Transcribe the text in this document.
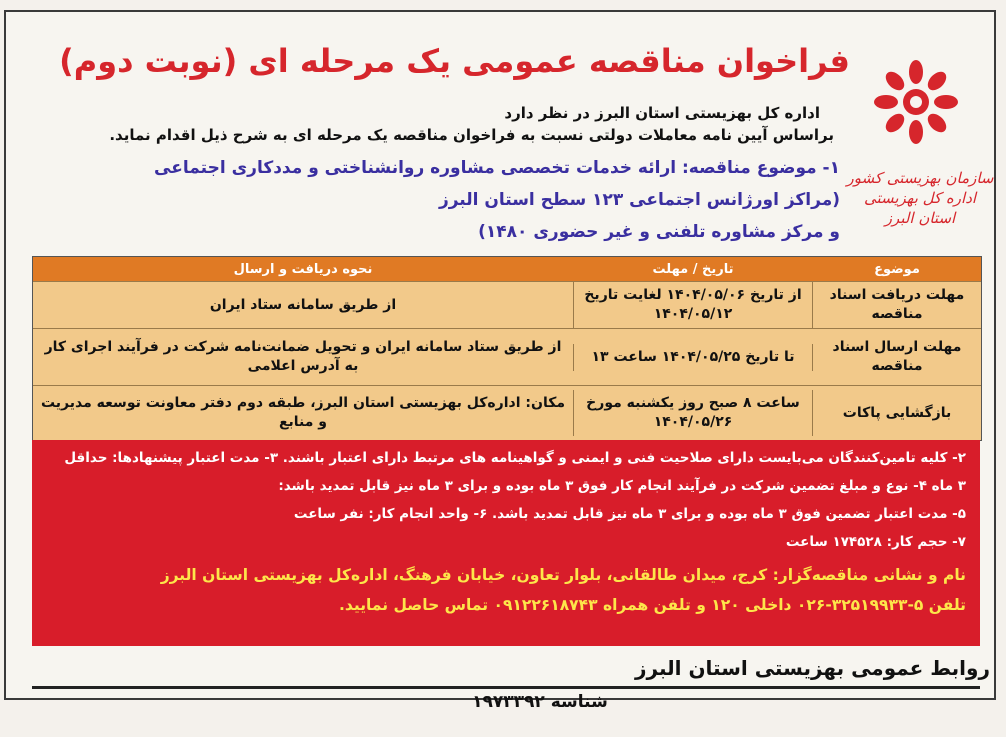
فراخوان مناقصه عمومی یک مرحله ای (نوبت دوم)
سازمان بهزیستی کشور
اداره کل بهزیستی استان البرز
اداره کل بهزیستی استان البرز در نظر دارد
براساس آیین نامه معاملات دولتی نسبت به فراخوان مناقصه یک مرحله ای به شرح ذیل اقدام نماید.
۱- موضوع مناقصه: ارائه خدمات تخصصی مشاوره روانشناختی و مددکاری اجتماعی
(مراکز اورژانس اجتماعی ۱۲۳ سطح استان البرز
و مرکز مشاوره تلفنی و غیر حضوری ۱۴۸۰)
موضوع
تاریخ / مهلت
نحوه دریافت و ارسال
مهلت دریافت اسناد مناقصه
از تاریخ ۱۴۰۴/۰۵/۰۶ لغایت تاریخ ۱۴۰۴/۰۵/۱۲
از طریق سامانه ستاد ایران
مهلت ارسال اسناد مناقصه
تا تاریخ ۱۴۰۴/۰۵/۲۵ ساعت ۱۳
از طریق ستاد سامانه ایران و تحویل ضمانت‌نامه شرکت در فرآیند اجرای کار به آدرس اعلامی
بازگشایی پاکات
ساعت ۸ صبح روز یکشنبه مورخ ۱۴۰۴/۰۵/۲۶
مکان: اداره‌کل بهزیستی استان البرز، طبقه دوم دفتر معاونت توسعه مدیریت و منابع
۲- کلیه تامین‌کنندگان می‌بایست دارای صلاحیت فنی و ایمنی و گواهینامه های مرتبط دارای اعتبار باشند. ۳- مدت اعتبار پیشنهادها: حداقل
۳ ماه ۴- نوع و مبلغ تضمین شرکت در فرآیند انجام کار فوق ۳ ماه بوده و برای ۳ ماه نیز قابل تمدید باشد:
۵- مدت اعتبار تضمین فوق ۳ ماه بوده و برای ۳ ماه نیز قابل تمدید باشد. ۶- واحد انجام کار: نفر ساعت
۷- حجم کار: ۱۷۴۵۲۸ ساعت
نام و نشانی مناقصه‌گزار: کرج، میدان طالقانی، بلوار تعاون، خیابان فرهنگ، اداره‌کل بهزیستی استان البرز
تلفن ۵-۳۲۵۱۹۹۳۳-۰۲۶ داخلی ۱۲۰ و تلفن همراه ۰۹۱۲۲۶۱۸۷۴۳ تماس حاصل نمایید.
روابط عمومی بهزیستی استان البرز
شناسه ۱۹۷۳۳۹۲
